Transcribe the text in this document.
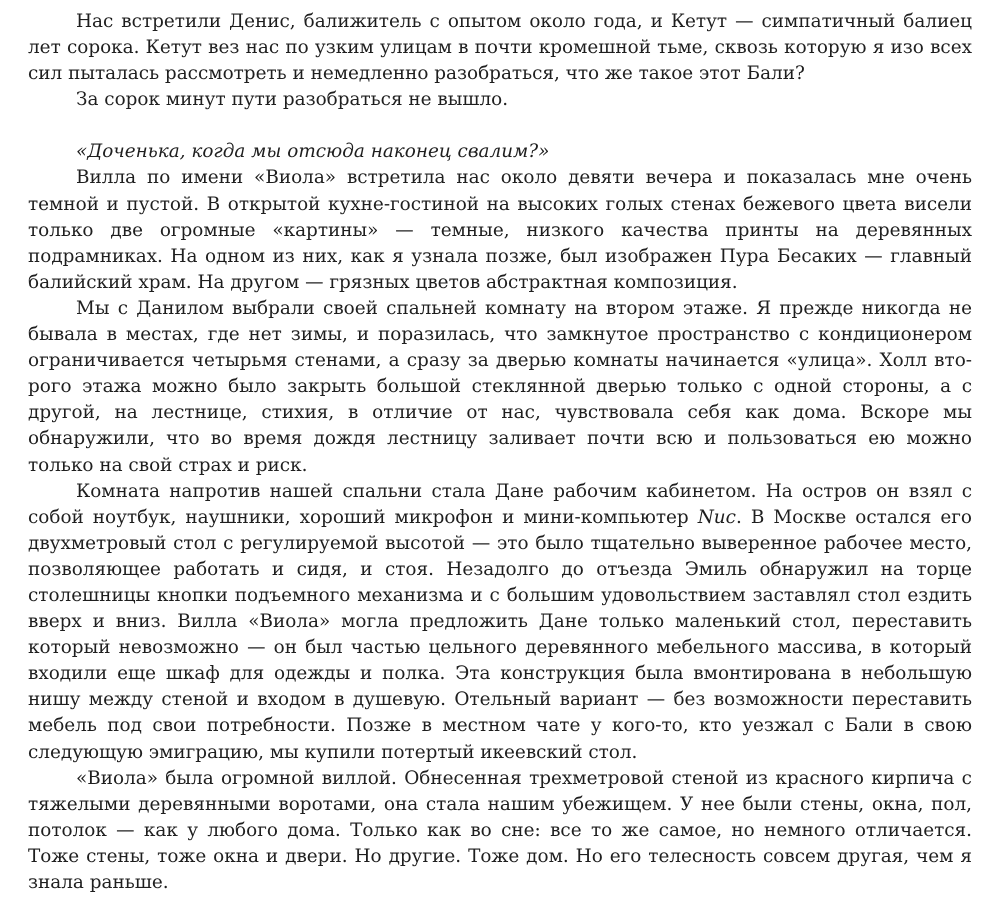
Нас встретили Денис, балижитель с опытом около года, и Кетут — симпатичный балиец лет сорока. Кетут вез нас по узким улицам в почти кромешной тьме, сквозь которую я изо всех сил пыталась рассмотреть и немедленно разобраться, что же такое этот Бали?

За сорок минут пути разобраться не вышло.

«Доченька, когда мы отсюда наконец свалим?»

Вилла по имени «Виола» встретила нас около девяти вечера и показалась мне очень темной и пустой. В открытой кухне-гостиной на высоких голых стенах бежевого цвета висели только две огромные «картины» — темные, низкого качества принты на деревянных подрамниках. На одном из них, как я узнала позже, был изображен Пура Бесаких — главный балийский храм. На другом — грязных цветов абстрактная композиция.

Мы с Данилом выбрали своей спальней комнату на втором этаже. Я прежде никогда не бывала в местах, где нет зимы, и поразилась, что замкнутое пространство с кондиционером ограничивается четырьмя стенами, а сразу за дверью комнаты начинается «улица». Холл второго этажа можно было закрыть большой стеклянной дверью только с одной стороны, а с другой, на лестнице, стихия, в отличие от нас, чувствовала себя как дома. Вскоре мы обнаружили, что во время дождя лестницу заливает почти всю и пользоваться ею можно только на свой страх и риск.

Комната напротив нашей спальни стала Дане рабочим кабинетом. На остров он взял с собой ноутбук, наушники, хороший микрофон и мини-компьютер Nuc. В Москве остался его двухметровый стол с регулируемой высотой — это было тщательно выверенное рабочее место, позволяющее работать и сидя, и стоя. Незадолго до отъезда Эмиль обнаружил на торце столешницы кнопки подъемного механизма и с большим удовольствием заставлял стол ездить вверх и вниз. Вилла «Виола» могла предложить Дане только маленький стол, переставить который невозможно — он был частью цельного деревянного мебельного массива, в который входили еще шкаф для одежды и полка. Эта конструкция была вмонтирована в небольшую нишу между стеной и входом в душевую. Отельный вариант — без возможности переставить мебель под свои потребности. Позже в местном чате у кого-то, кто уезжал с Бали в свою следующую эмиграцию, мы купили потертый икеевский стол.

«Виола» была огромной виллой. Обнесенная трехметровой стеной из красного кирпича с тяжелыми деревянными воротами, она стала нашим убежищем. У нее были стены, окна, пол, потолок — как у любого дома. Только как во сне: все то же самое, но немного отличается. Тоже стены, тоже окна и двери. Но другие. Тоже дом. Но его телесность совсем другая, чем я знала раньше.
